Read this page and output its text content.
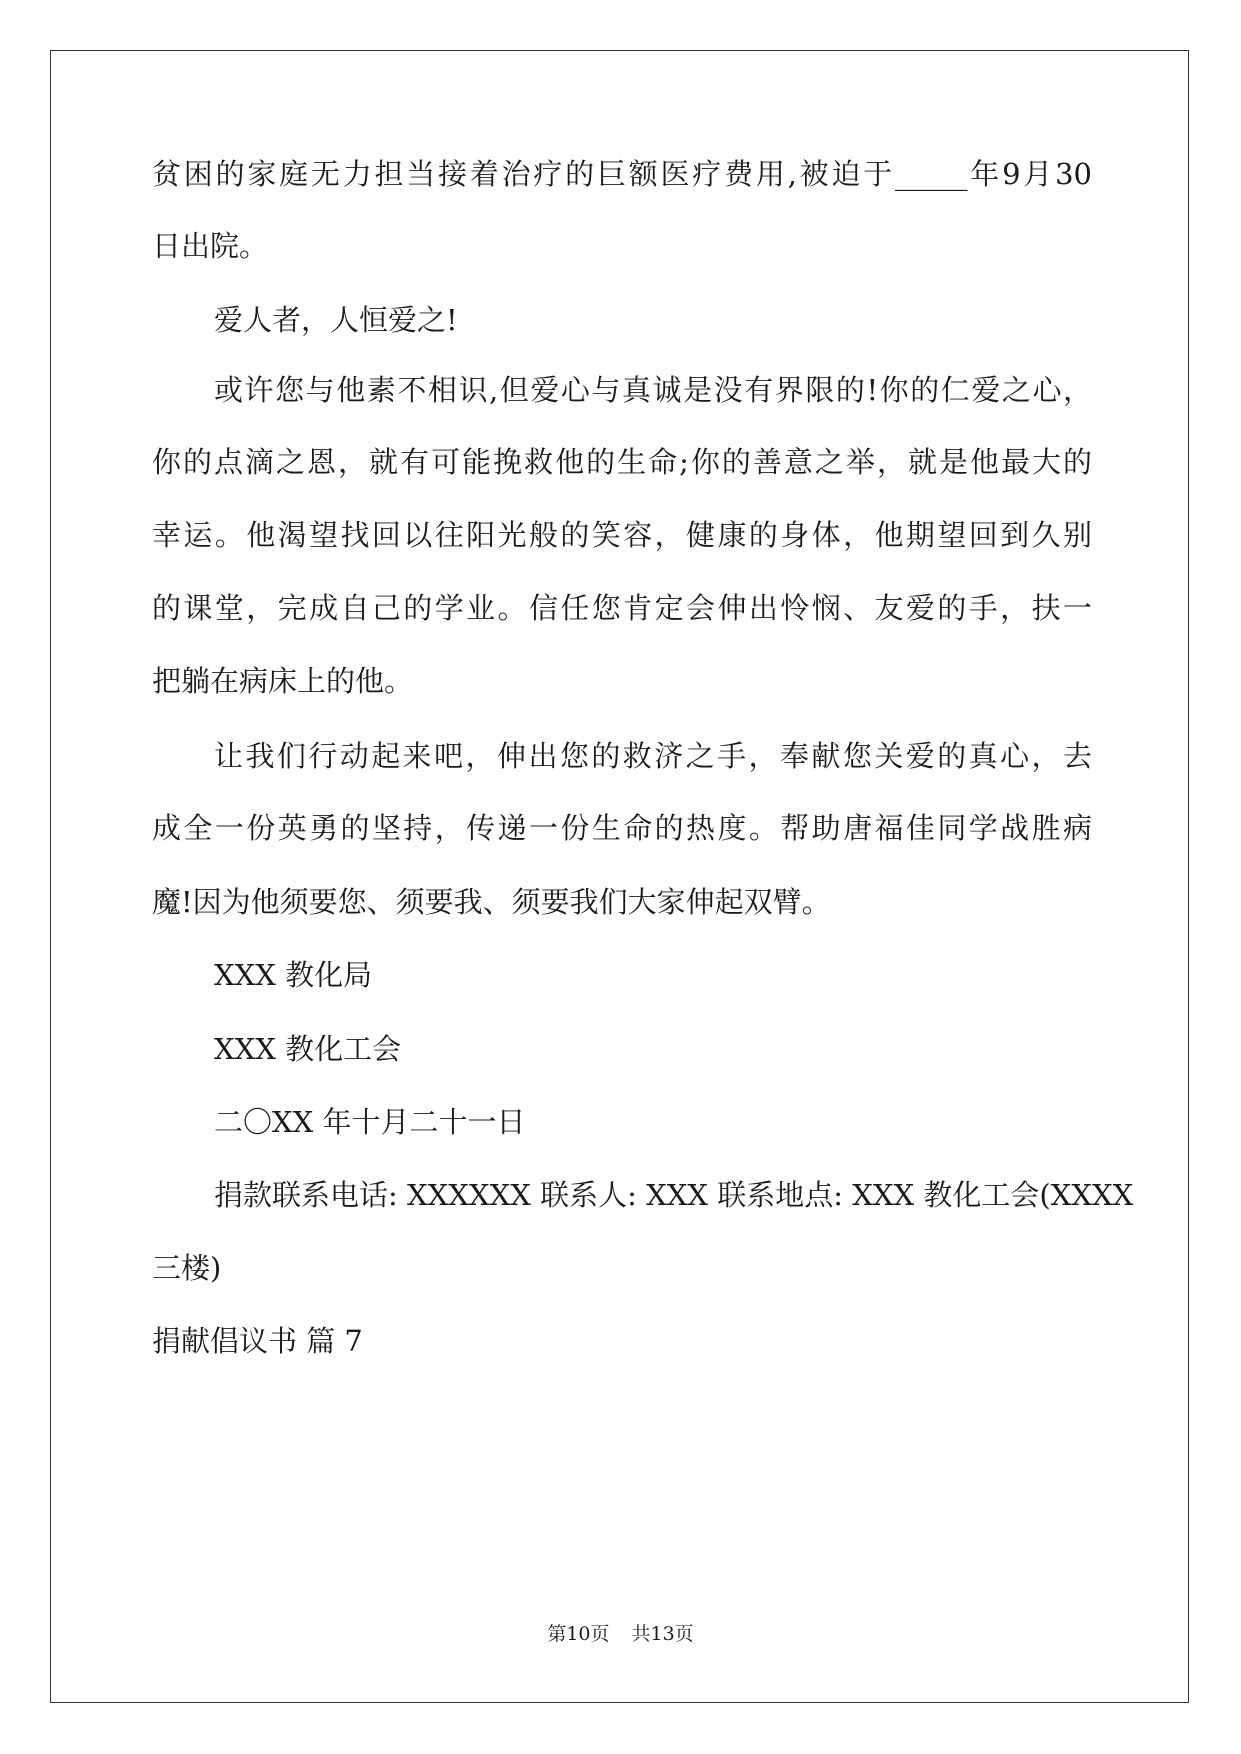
贫困的家庭无力担当接着治疗的巨额医疗费用,被迫于_____年9月30
日出院。
爱人者，人恒爱之!
或许您与他素不相识,但爱心与真诚是没有界限的!你的仁爱之心，
你的点滴之恩，就有可能挽救他的生命;你的善意之举，就是他最大的
幸运。他渴望找回以往阳光般的笑容，健康的身体，他期望回到久别
的课堂，完成自己的学业。信任您肯定会伸出怜悯、友爱的手，扶一
把躺在病床上的他。
让我们行动起来吧，伸出您的救济之手，奉献您关爱的真心，去
成全一份英勇的坚持，传递一份生命的热度。帮助唐福佳同学战胜病
魔!因为他须要您、须要我、须要我们大家伸起双臂。
XXX 教化局
XXX 教化工会
二〇XX 年十月二十一日
捐款联系电话: XXXXXX 联系人: XXX 联系地点: XXX 教化工会(XXXX
三楼)
捐献倡议书 篇 7
第10页 共13页
